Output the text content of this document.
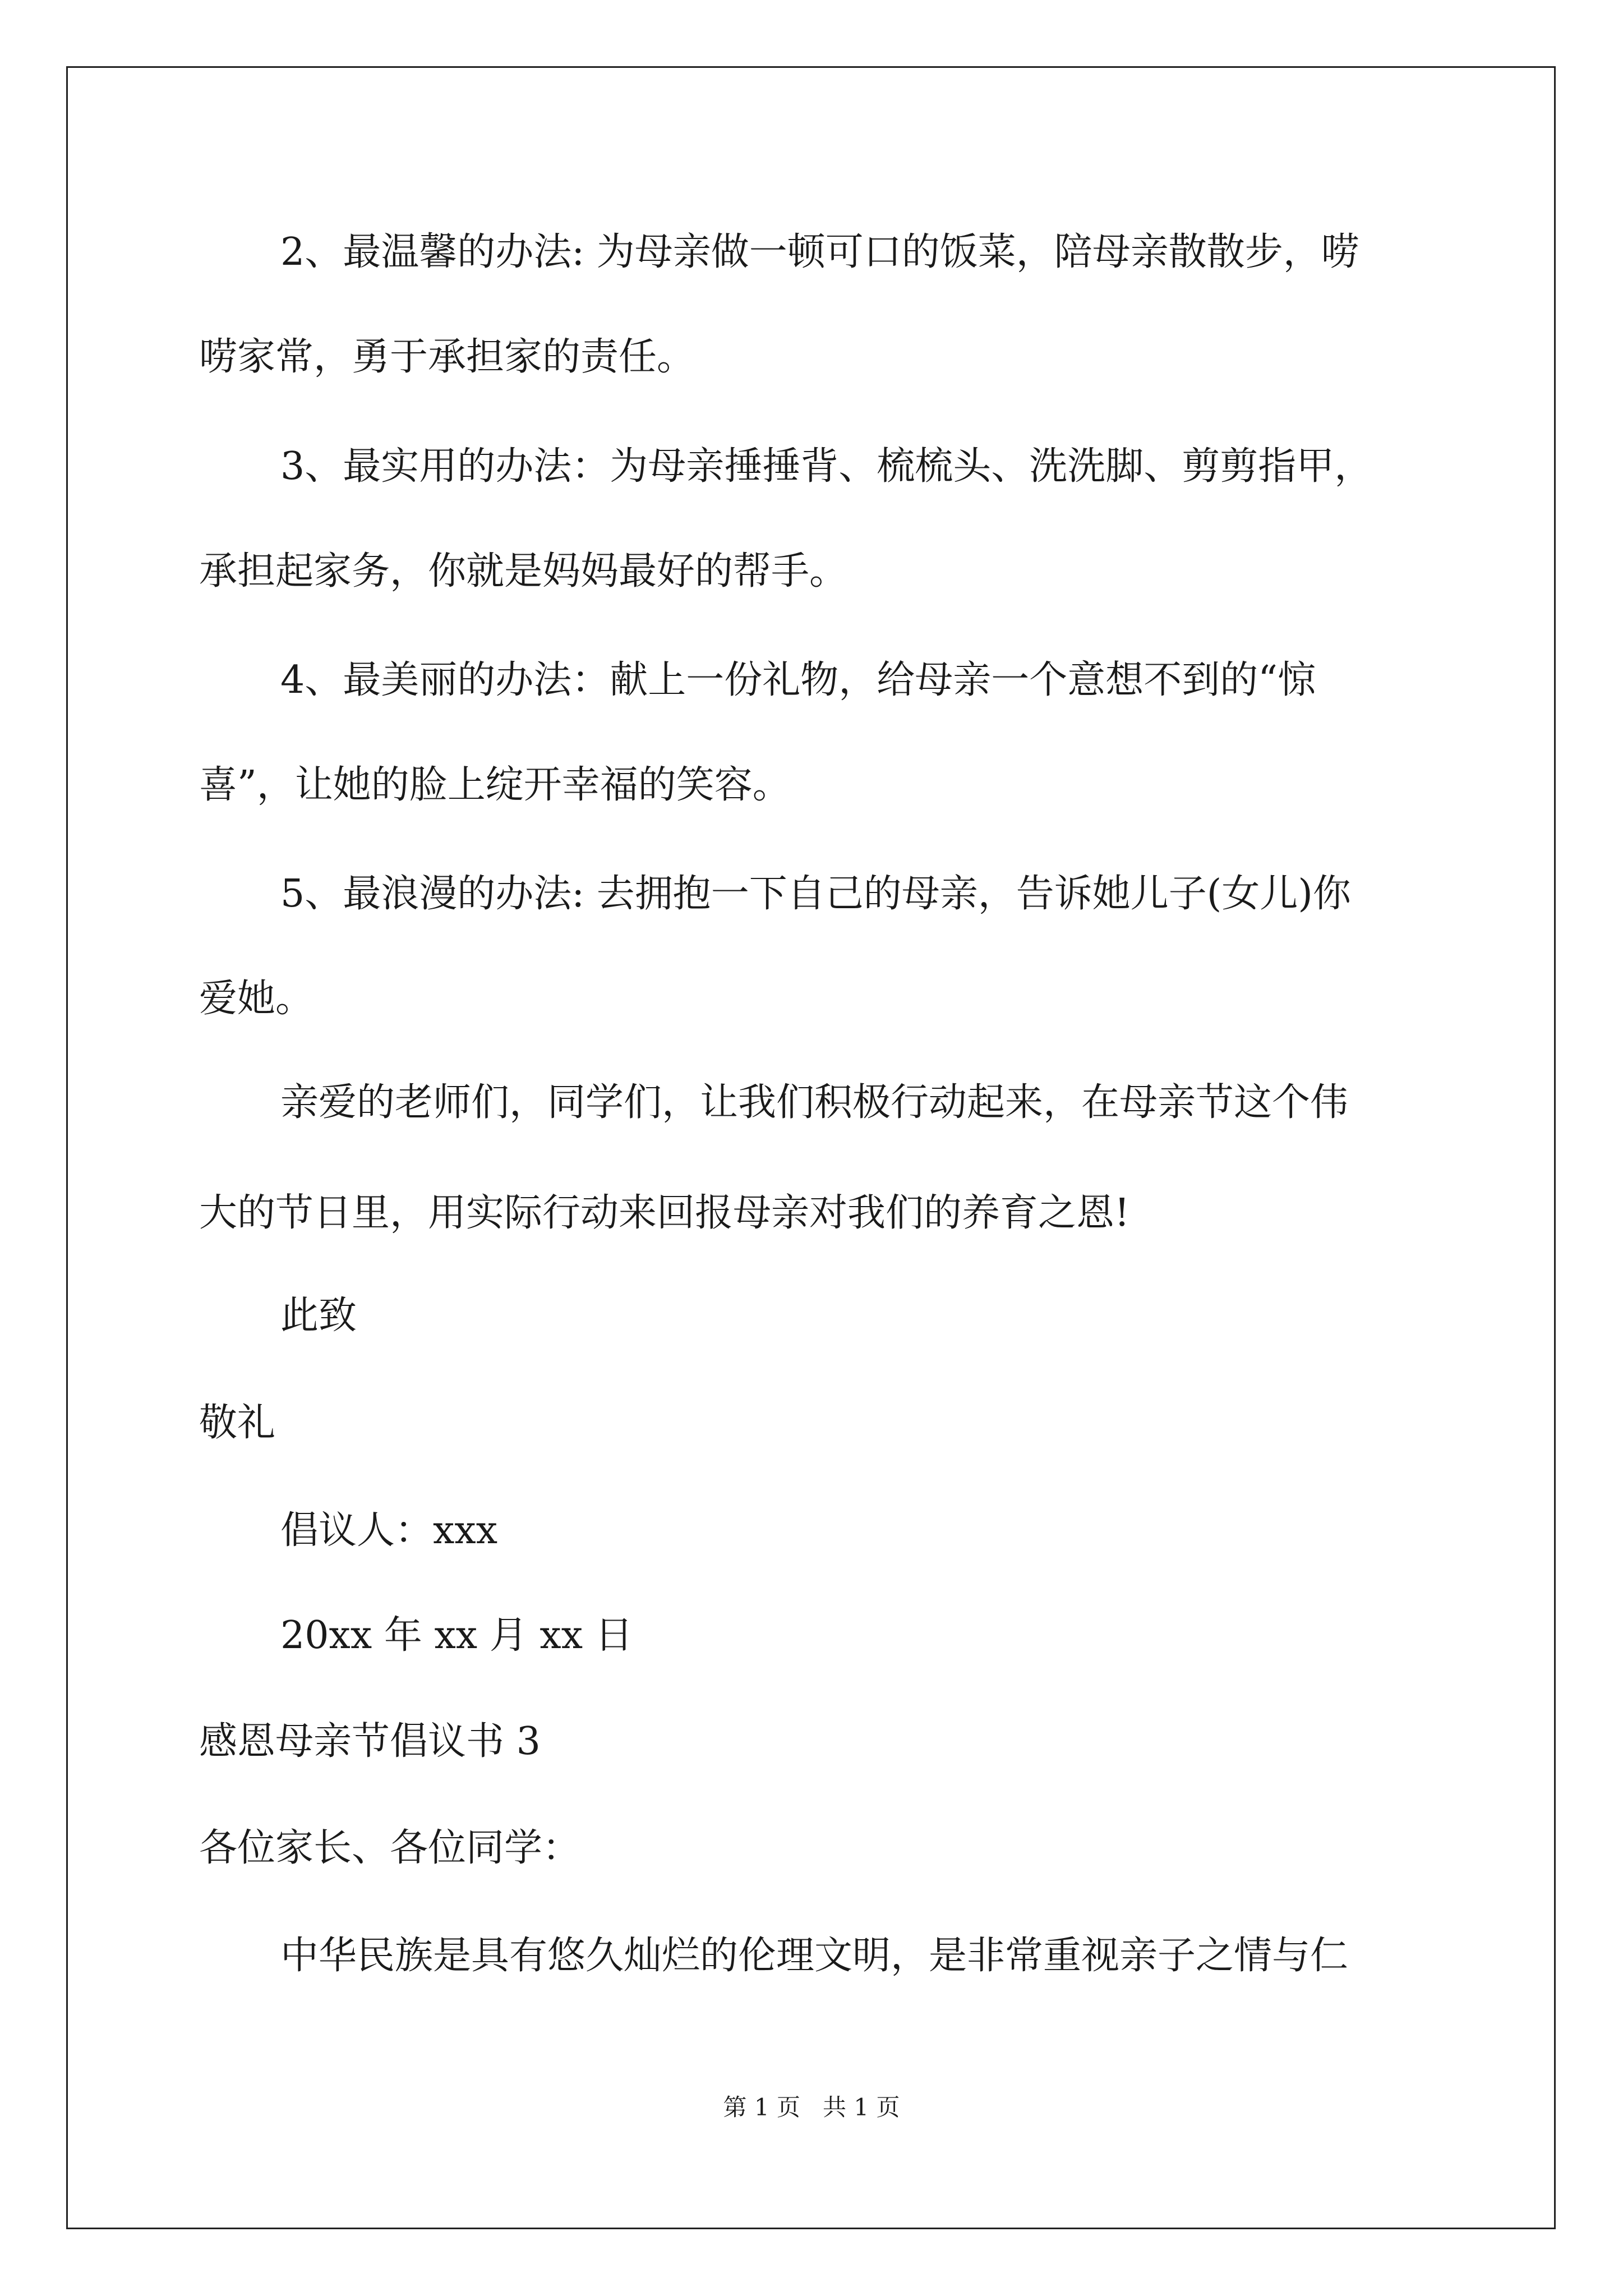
2、最温馨的办法: 为母亲做一顿可口的饭菜，陪母亲散散步，唠
唠家常，勇于承担家的责任。
3、最实用的办法：为母亲捶捶背、梳梳头、洗洗脚、剪剪指甲，
承担起家务，你就是妈妈最好的帮手。
4、最美丽的办法：献上一份礼物，给母亲一个意想不到的“惊
喜”，让她的脸上绽开幸福的笑容。
5、最浪漫的办法: 去拥抱一下自己的母亲，告诉她儿子(女儿)你
爱她。
亲爱的老师们，同学们，让我们积极行动起来，在母亲节这个伟
大的节日里，用实际行动来回报母亲对我们的养育之恩!
此致
敬礼
倡议人：xxx
20xx 年 xx 月 xx 日
感恩母亲节倡议书 3
各位家长、各位同学：
中华民族是具有悠久灿烂的伦理文明，是非常重视亲子之情与仁
第 1 页   共 1 页
